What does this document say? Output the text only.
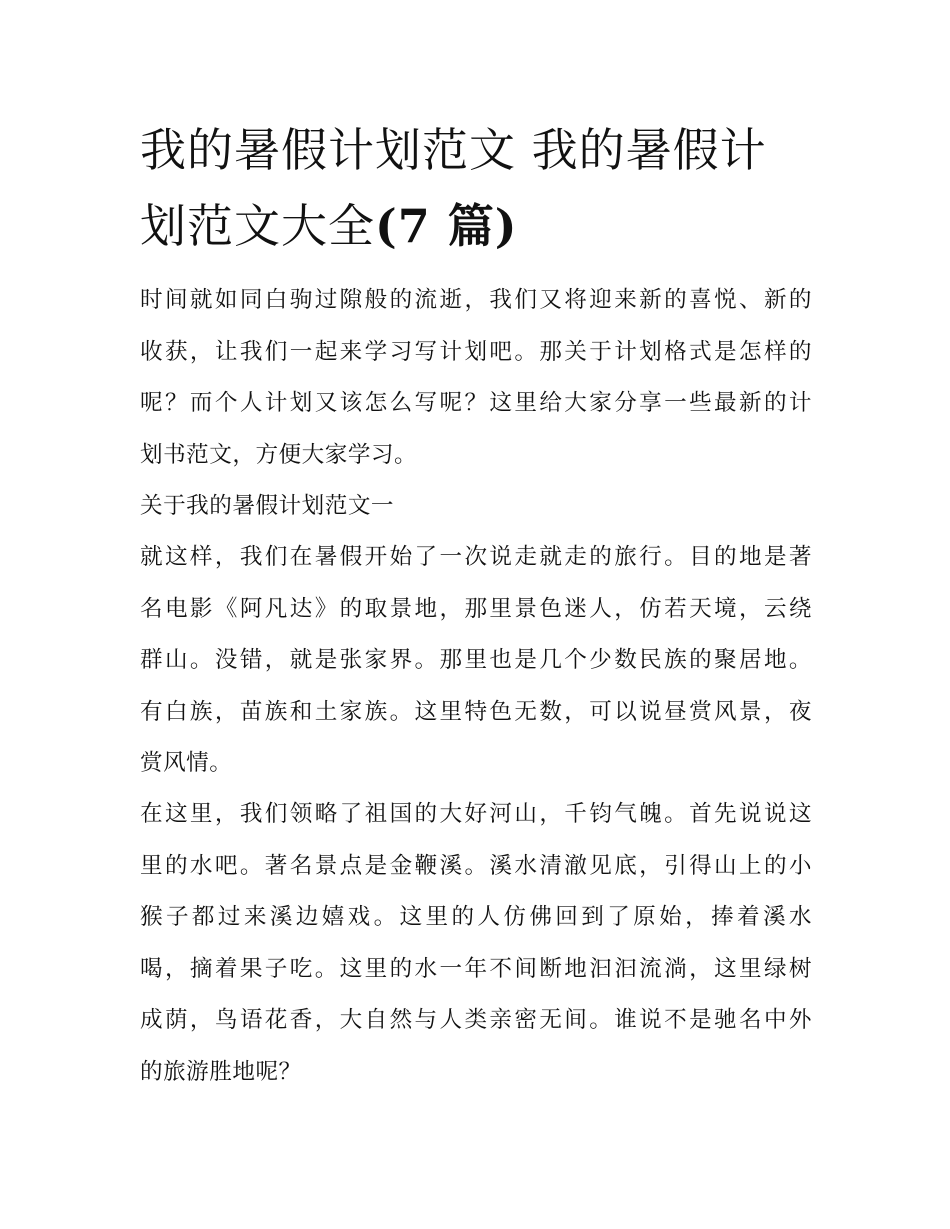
我的暑假计划范文 我的暑假计
划范文大全(7 篇)
时间就如同白驹过隙般的流逝，我们又将迎来新的喜悦、新的
收获，让我们一起来学习写计划吧。那关于计划格式是怎样的
呢？而个人计划又该怎么写呢？这里给大家分享一些最新的计
划书范文，方便大家学习。
关于我的暑假计划范文一
就这样，我们在暑假开始了一次说走就走的旅行。目的地是著
名电影《阿凡达》的取景地，那里景色迷人，仿若天境，云绕
群山。没错，就是张家界。那里也是几个少数民族的聚居地。
有白族，苗族和土家族。这里特色无数，可以说昼赏风景，夜
赏风情。
在这里，我们领略了祖国的大好河山，千钧气魄。首先说说这
里的水吧。著名景点是金鞭溪。溪水清澈见底，引得山上的小
猴子都过来溪边嬉戏。这里的人仿佛回到了原始，捧着溪水
喝，摘着果子吃。这里的水一年不间断地汩汩流淌，这里绿树
成荫，鸟语花香，大自然与人类亲密无间。谁说不是驰名中外
的旅游胜地呢？
